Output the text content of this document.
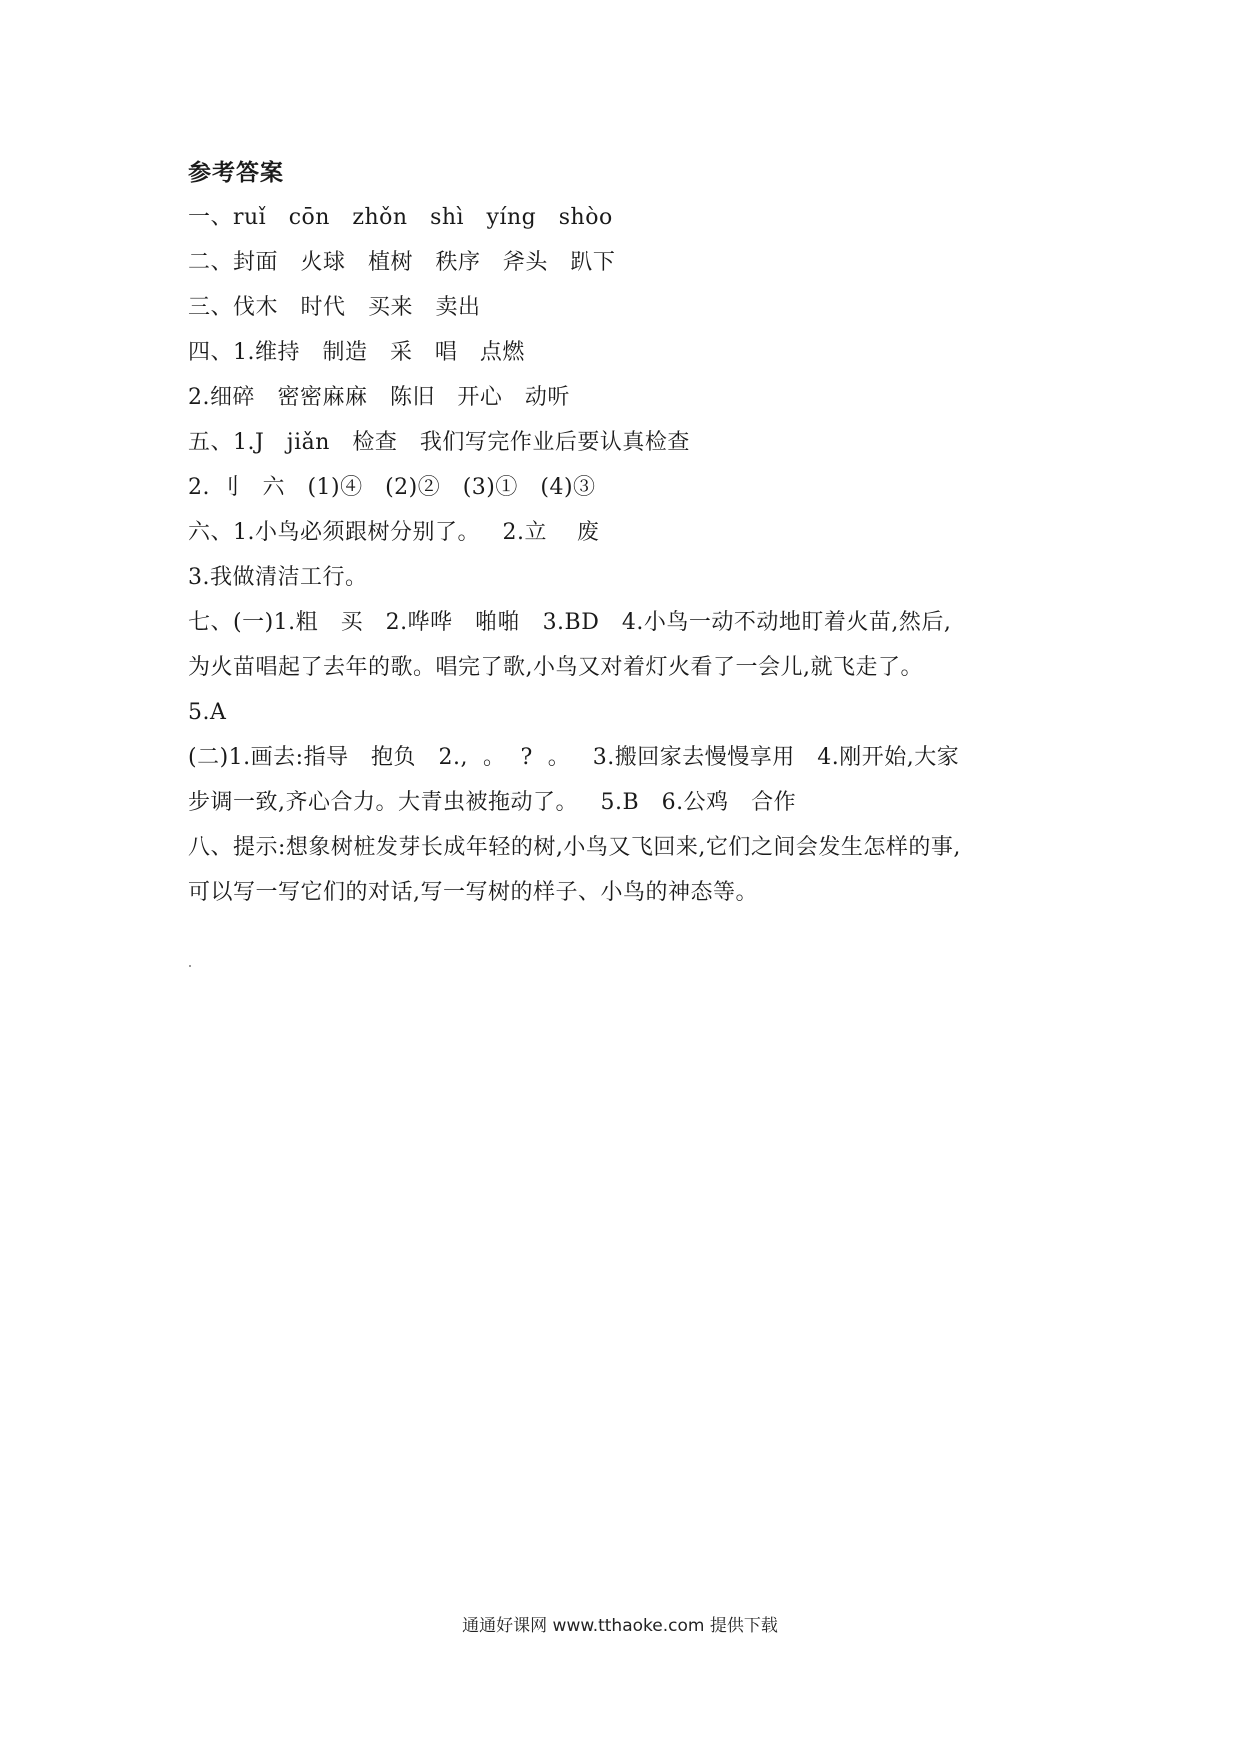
参考答案
一、ruǐ   cōn   zhǒn   shì   yíng   shòo
二、封面   火球   植树   秩序   斧头   趴下
三、伐木   时代   买来   卖出
四、1.维持   制造   采   唱   点燃
2.细碎   密密麻麻   陈旧   开心   动听
五、1.J   jiǎn   检查   我们写完作业后要认真检查
2. 刂   六   (1)④   (2)②   (3)①   (4)③
六、1.小鸟必须跟树分别了。   2.立    废
3.我做清洁工行。
七、(一)1.粗   买   2.哗哗   啪啪   3.BD   4.小鸟一动不动地盯着火苗,然后,
为火苗唱起了去年的歌。唱完了歌,小鸟又对着灯火看了一会儿,就飞走了。
5.A
(二)1.画去:指导   抱负   2.,  。  ?  。   3.搬回家去慢慢享用   4.刚开始,大家
步调一致,齐心合力。大青虫被拖动了。   5.B   6.公鸡   合作
八、提示:想象树桩发芽长成年轻的树,小鸟又飞回来,它们之间会发生怎样的事,
可以写一写它们的对话,写一写树的样子、小鸟的神态等。
通通好课网 www.tthaoke.com 提供下载
